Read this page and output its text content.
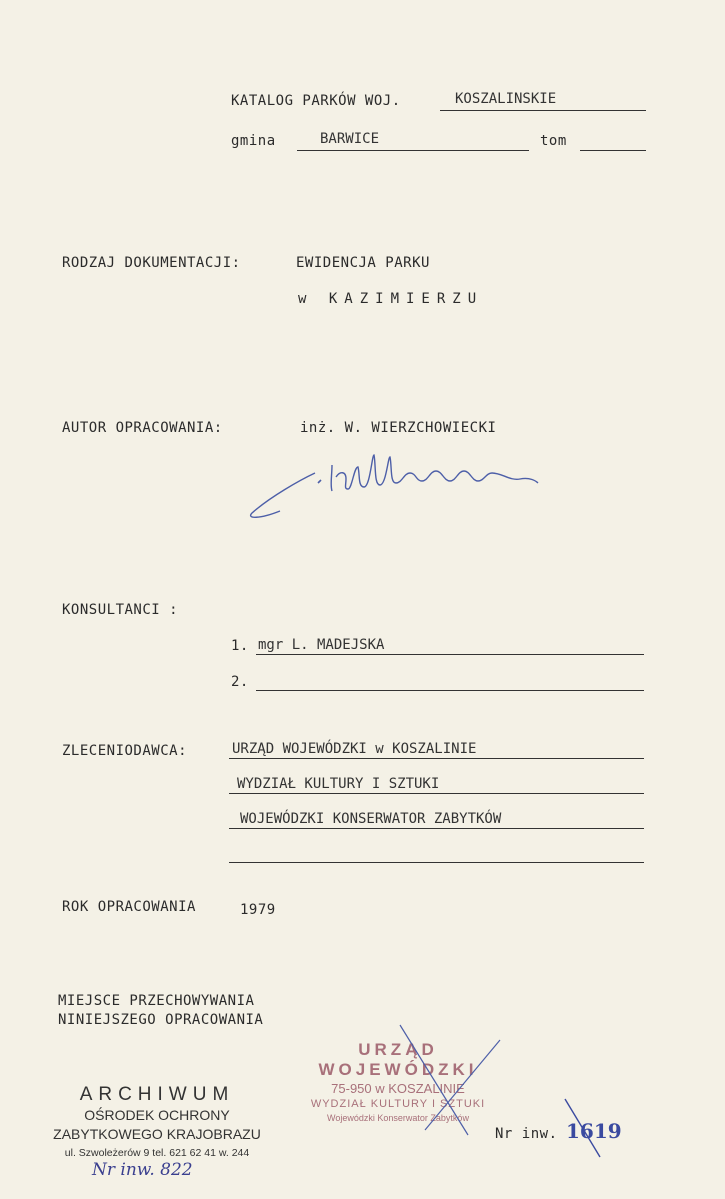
KATALOG PARKÓW WOJ.	KOSZALINSKIE
gmina	BARWICE	tom
RODZAJ DOKUMENTACJI:	EWIDENCJA PARKU
w KAZIMIERZU
AUTOR OPRACOWANIA:	inż. W. WIERZCHOWIECKI
KONSULTANCI :
1. mgr L. MADEJSKA
2.
ZLECENIODAWCA:	URZĄD WOJEWÓDZKI w KOSZALINIE
WYDZIAŁ KULTURY I SZTUKI
WOJEWÓDZKI KONSERWATOR ZABYTKÓW
ROK OPRACOWANIA	1979
MIEJSCE PRZECHOWYWANIA
NINIEJSZEGO OPRACOWANIA
ARCHIWUM
OŚRODEK OCHRONY
ZABYTKOWEGO KRAJOBRAZU
ul. Szwoleżerów 9 tel. 621 62 41 w. 244
URZĄD WOJEWÓDZKI
75-950 w KOSZALINIE
WYDZIAŁ KULTURY I SZTUKI
Wojewódzki Konserwator Zabytków
Nr inw. 1619
Nr inw. 822
